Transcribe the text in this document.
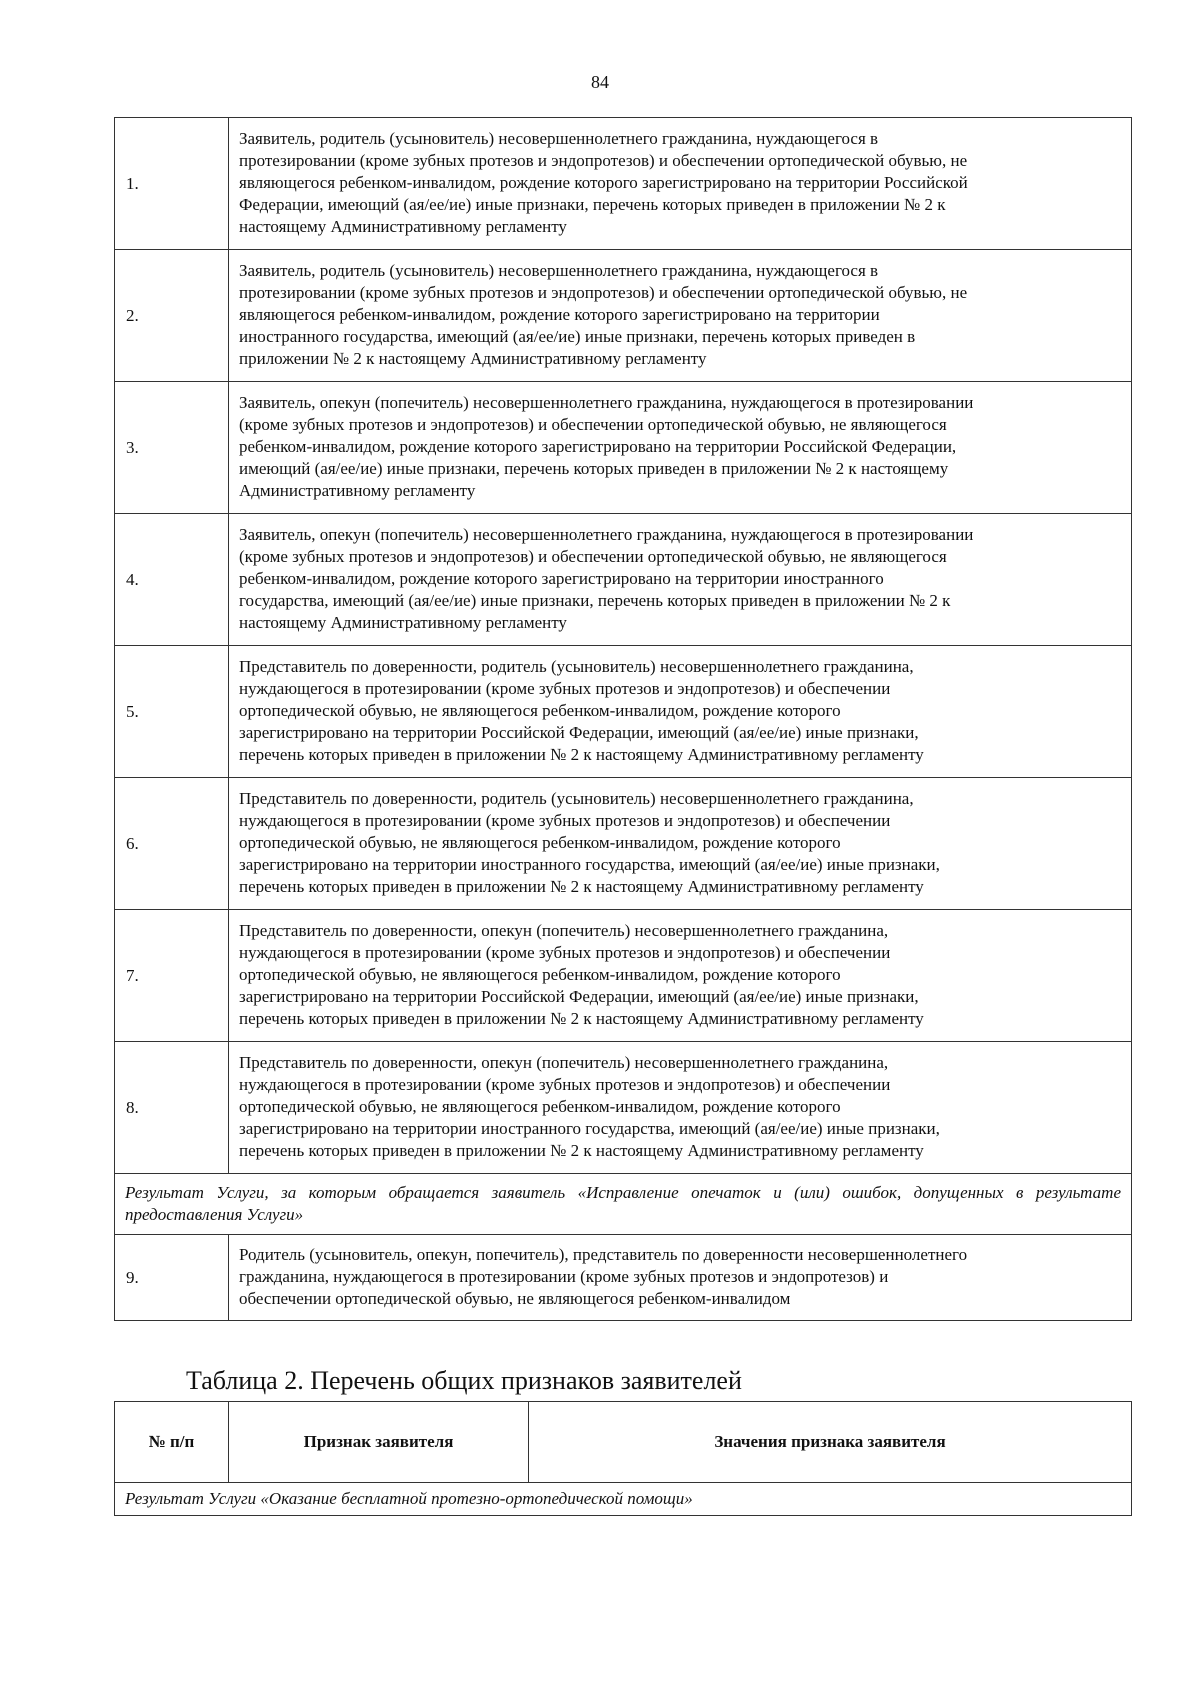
84
1.	Заявитель, родитель (усыновитель) несовершеннолетнего гражданина, нуждающегося в
протезировании (кроме зубных протезов и эндопротезов) и обеспечении ортопедической обувью, не
являющегося ребенком-инвалидом, рождение которого зарегистрировано на территории Российской
Федерации, имеющий (ая/ее/ие) иные признаки, перечень которых приведен в приложении № 2 к
настоящему Административному регламенту
2.	Заявитель, родитель (усыновитель) несовершеннолетнего гражданина, нуждающегося в
протезировании (кроме зубных протезов и эндопротезов) и обеспечении ортопедической обувью, не
являющегося ребенком-инвалидом, рождение которого зарегистрировано на территории
иностранного государства, имеющий (ая/ее/ие) иные признаки, перечень которых приведен в
приложении № 2 к настоящему Административному регламенту
3.	Заявитель, опекун (попечитель) несовершеннолетнего гражданина, нуждающегося в протезировании
(кроме зубных протезов и эндопротезов) и обеспечении ортопедической обувью, не являющегося
ребенком-инвалидом, рождение которого зарегистрировано на территории Российской Федерации,
имеющий (ая/ее/ие) иные признаки, перечень которых приведен в приложении № 2 к настоящему
Административному регламенту
4.	Заявитель, опекун (попечитель) несовершеннолетнего гражданина, нуждающегося в протезировании
(кроме зубных протезов и эндопротезов) и обеспечении ортопедической обувью, не являющегося
ребенком-инвалидом, рождение которого зарегистрировано на территории иностранного
государства, имеющий (ая/ее/ие) иные признаки, перечень которых приведен в приложении № 2 к
настоящему Административному регламенту
5.	Представитель по доверенности, родитель (усыновитель) несовершеннолетнего гражданина,
нуждающегося в протезировании (кроме зубных протезов и эндопротезов) и обеспечении
ортопедической обувью, не являющегося ребенком-инвалидом, рождение которого
зарегистрировано на территории Российской Федерации, имеющий (ая/ее/ие) иные признаки,
перечень которых приведен в приложении № 2 к настоящему Административному регламенту
6.	Представитель по доверенности, родитель (усыновитель) несовершеннолетнего гражданина,
нуждающегося в протезировании (кроме зубных протезов и эндопротезов) и обеспечении
ортопедической обувью, не являющегося ребенком-инвалидом, рождение которого
зарегистрировано на территории иностранного государства, имеющий (ая/ее/ие) иные признаки,
перечень которых приведен в приложении № 2 к настоящему Административному регламенту
7.	Представитель по доверенности, опекун (попечитель) несовершеннолетнего гражданина,
нуждающегося в протезировании (кроме зубных протезов и эндопротезов) и обеспечении
ортопедической обувью, не являющегося ребенком-инвалидом, рождение которого
зарегистрировано на территории Российской Федерации, имеющий (ая/ее/ие) иные признаки,
перечень которых приведен в приложении № 2 к настоящему Административному регламенту
8.	Представитель по доверенности, опекун (попечитель) несовершеннолетнего гражданина,
нуждающегося в протезировании (кроме зубных протезов и эндопротезов) и обеспечении
ортопедической обувью, не являющегося ребенком-инвалидом, рождение которого
зарегистрировано на территории иностранного государства, имеющий (ая/ее/ие) иные признаки,
перечень которых приведен в приложении № 2 к настоящему Административному регламенту
Результат Услуги, за которым обращается заявитель «Исправление опечаток и (или) ошибок, допущенных в результате предоставления Услуги»	
9.	Родитель (усыновитель, опекун, попечитель), представитель по доверенности несовершеннолетнего
гражданина, нуждающегося в протезировании (кроме зубных протезов и эндопротезов) и
обеспечении ортопедической обувью, не являющегося ребенком-инвалидом
Таблица 2. Перечень общих признаков заявителей
№ п/п	Признак заявителя	Значения признака заявителя
Результат Услуги «Оказание бесплатной протезно-ортопедической помощи»
